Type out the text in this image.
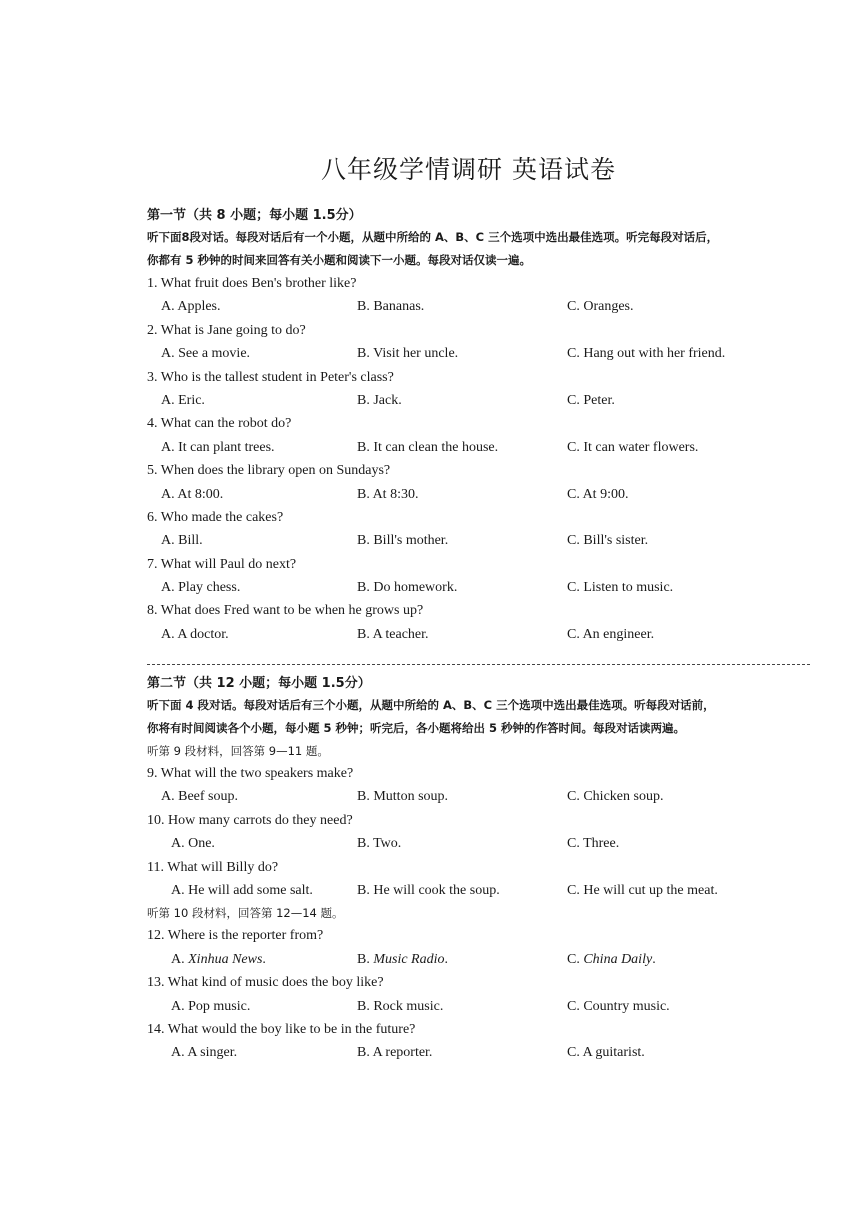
八年级学情调研 英语试卷
第一节（共 8 小题；每小题 1.5分）
听下面8段对话。每段对话后有一个小题，从题中所给的 A、B、C 三个选项中选出最佳选项。听完每段对话后，
你都有 5 秒钟的时间来回答有关小题和阅读下一小题。每段对话仅读一遍。
1. What fruit does Ben's brother like?
A. Apples.	B. Bananas.	C. Oranges.
2. What is Jane going to do?
A. See a movie.	B. Visit her uncle.	C. Hang out with her friend.
3. Who is the tallest student in Peter's class?
A. Eric.	B. Jack.	C. Peter.
4. What can the robot do?
A. It can plant trees.	B. It can clean the house.	C. It can water flowers.
5. When does the library open on Sundays?
A. At 8:00.	B. At 8:30.	C. At 9:00.
6. Who made the cakes?
A. Bill.	B. Bill's mother.	C. Bill's sister.
7. What will Paul do next?
A. Play chess.	B. Do homework.	C. Listen to music.
8. What does Fred want to be when he grows up?
A. A doctor.	B. A teacher.	C. An engineer.
第二节（共 12 小题；每小题 1.5分）
听下面 4 段对话。每段对话后有三个小题，从题中所给的 A、B、C 三个选项中选出最佳选项。听每段对话前，
你将有时间阅读各个小题，每小题 5 秒钟；听完后，各小题将给出 5 秒钟的作答时间。每段对话读两遍。
听第 9 段材料，回答第 9—11 题。
9. What will the two speakers make?
A. Beef soup.	B. Mutton soup.	C. Chicken soup.
10. How many carrots do they need?
A. One.	B. Two.	C. Three.
11. What will Billy do?
A. He will add some salt.	B. He will cook the soup.	C. He will cut up the meat.
听第 10 段材料，回答第 12—14 题。
12. Where is the reporter from?
A. Xinhua News.	B. Music Radio.	C. China Daily.
13. What kind of music does the boy like?
A. Pop music.	B. Rock music.	C. Country music.
14. What would the boy like to be in the future?
A. A singer.	B. A reporter.	C. A guitarist.
